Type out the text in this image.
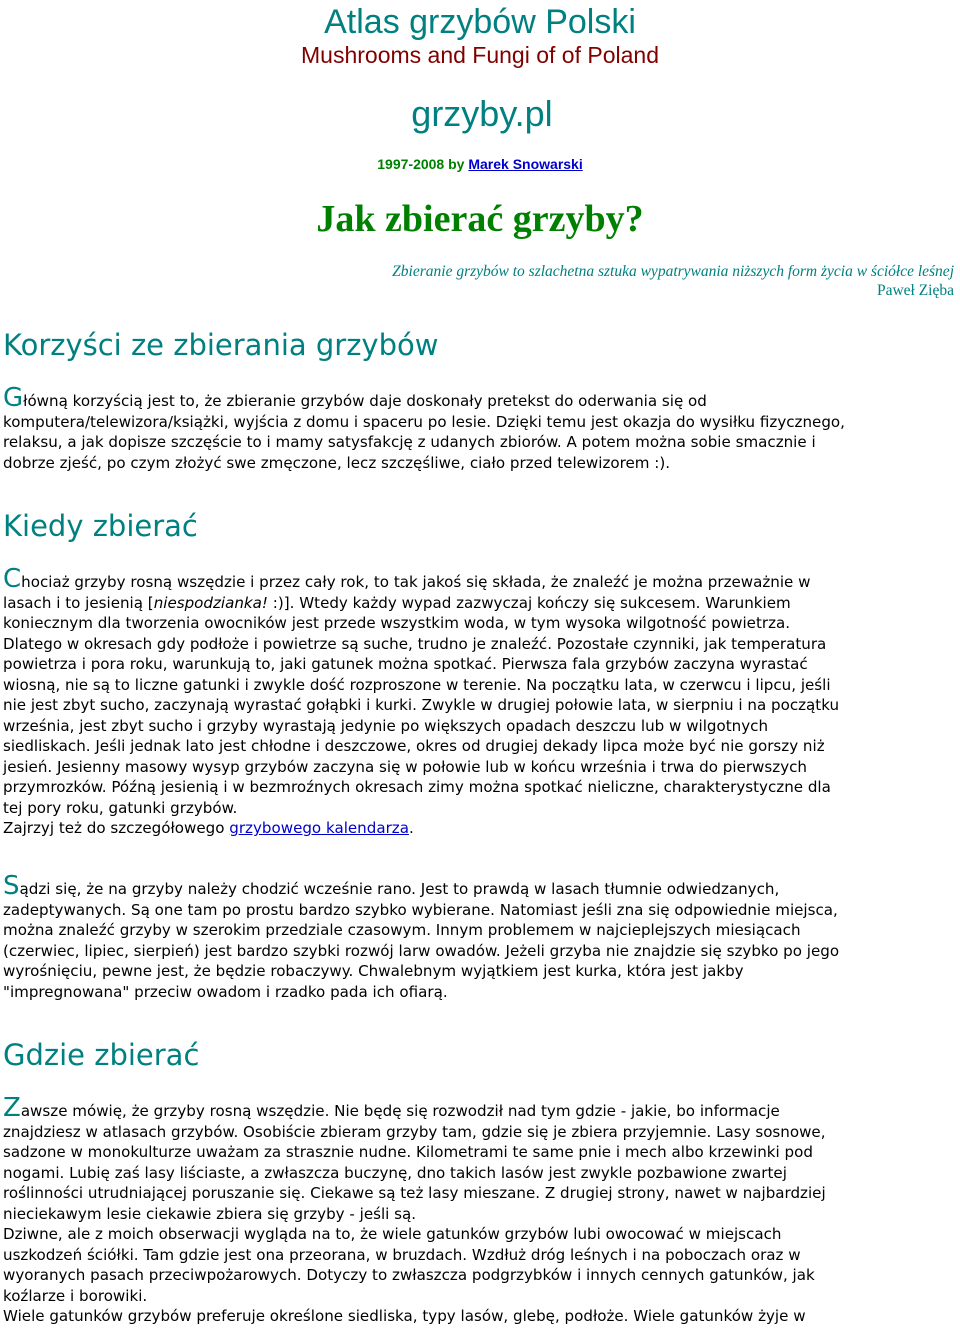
Atlas grzybów Polski
Mushrooms and Fungi of of Poland
grzyby.pl
1997-2008 by Marek Snowarski
Jak zbierać grzyby?
Zbieranie grzybów to szlachetna sztuka wypatrywania niższych form życia w ściółce leśnej
Paweł Zięba
Korzyści ze zbierania grzybów
Główną korzyścią jest to, że zbieranie grzybów daje doskonały pretekst do oderwania się od
komputera/telewizora/książki, wyjścia z domu i spaceru po lesie. Dzięki temu jest okazja do wysiłku fizycznego,
relaksu, a jak dopisze szczęście to i mamy satysfakcję z udanych zbiorów. A potem można sobie smacznie i
dobrze zjeść, po czym złożyć swe zmęczone, lecz szczęśliwe, ciało przed telewizorem :).
Kiedy zbierać
Chociaż grzyby rosną wszędzie i przez cały rok, to tak jakoś się składa, że znaleźć je można przeważnie w
lasach i to jesienią [niespodzianka! :)]. Wtedy każdy wypad zazwyczaj kończy się sukcesem. Warunkiem
koniecznym dla tworzenia owocników jest przede wszystkim woda, w tym wysoka wilgotność powietrza.
Dlatego w okresach gdy podłoże i powietrze są suche, trudno je znaleźć. Pozostałe czynniki, jak temperatura
powietrza i pora roku, warunkują to, jaki gatunek można spotkać. Pierwsza fala grzybów zaczyna wyrastać
wiosną, nie są to liczne gatunki i zwykle dość rozproszone w terenie. Na początku lata, w czerwcu i lipcu, jeśli
nie jest zbyt sucho, zaczynają wyrastać gołąbki i kurki. Zwykle w drugiej połowie lata, w sierpniu i na początku
września, jest zbyt sucho i grzyby wyrastają jedynie po większych opadach deszczu lub w wilgotnych
siedliskach. Jeśli jednak lato jest chłodne i deszczowe, okres od drugiej dekady lipca może być nie gorszy niż
jesień. Jesienny masowy wysyp grzybów zaczyna się w połowie lub w końcu września i trwa do pierwszych
przymrozków. Późną jesienią i w bezmroźnych okresach zimy można spotkać nieliczne, charakterystyczne dla
tej pory roku, gatunki grzybów.
Zajrzyj też do szczegółowego grzybowego kalendarza.
Sądzi się, że na grzyby należy chodzić wcześnie rano. Jest to prawdą w lasach tłumnie odwiedzanych,
zadeptywanych. Są one tam po prostu bardzo szybko wybierane. Natomiast jeśli zna się odpowiednie miejsca,
można znaleźć grzyby w szerokim przedziale czasowym. Innym problemem w najcieplejszych miesiącach
(czerwiec, lipiec, sierpień) jest bardzo szybki rozwój larw owadów. Jeżeli grzyba nie znajdzie się szybko po jego
wyrośnięciu, pewne jest, że będzie robaczywy. Chwalebnym wyjątkiem jest kurka, która jest jakby
"impregnowana" przeciw owadom i rzadko pada ich ofiarą.
Gdzie zbierać
Zawsze mówię, że grzyby rosną wszędzie. Nie będę się rozwodził nad tym gdzie - jakie, bo informacje
znajdziesz w atlasach grzybów. Osobiście zbieram grzyby tam, gdzie się je zbiera przyjemnie. Lasy sosnowe,
sadzone w monokulturze uważam za strasznie nudne. Kilometrami te same pnie i mech albo krzewinki pod
nogami. Lubię zaś lasy liściaste, a zwłaszcza buczynę, dno takich lasów jest zwykle pozbawione zwartej
roślinności utrudniającej poruszanie się. Ciekawe są też lasy mieszane. Z drugiej strony, nawet w najbardziej
nieciekawym lesie ciekawie zbiera się grzyby - jeśli są.
Dziwne, ale z moich obserwacji wygląda na to, że wiele gatunków grzybów lubi owocować w miejscach
uszkodzeń ściółki. Tam gdzie jest ona przeorana, w bruzdach. Wzdłuż dróg leśnych i na poboczach oraz w
wyoranych pasach przeciwpożarowych. Dotyczy to zwłaszcza podgrzybków i innych cennych gatunków, jak
koźlarze i borowiki.
Wiele gatunków grzybów preferuje określone siedliska, typy lasów, glebę, podłoże. Wiele gatunków żyje w
